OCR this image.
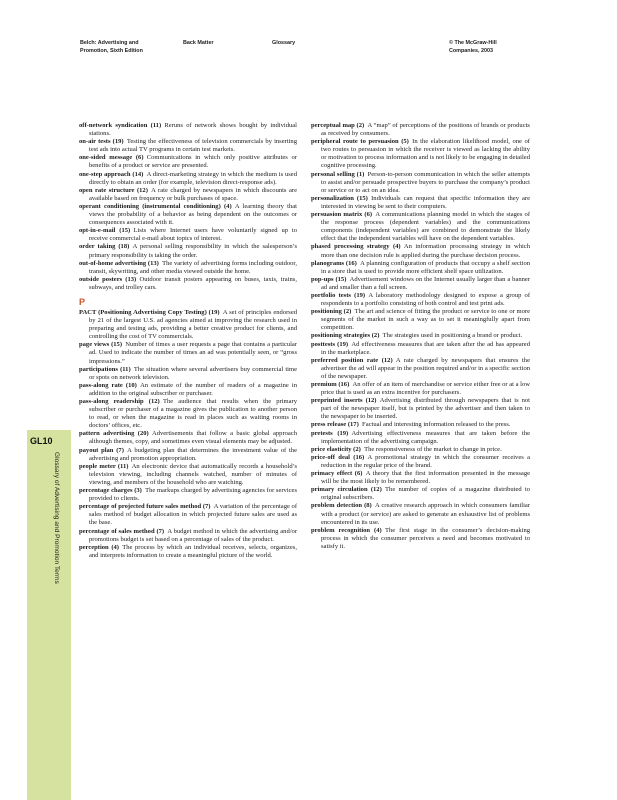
Belch: Advertising and
Promotion, Sixth Edition
Back Matter	Glossary	© The McGraw-Hill
Companies, 2003

off-network syndication (11)  Reruns of network shows bought by individual stations.

on-air tests (19)  Testing the effectiveness of television commercials by inserting test ads into actual TV programs in certain test markets.

one-sided message (6)  Communications in which only positive attributes or benefits of a product or service are presented.

one-step approach (14)  A direct-marketing strategy in which the medium is used directly to obtain an order (for example, television direct-response ads).

open rate structure (12)  A rate charged by newspapers in which discounts are available based on frequency or bulk purchases of space.

operant conditioning (instrumental conditioning) (4)  A learning theory that views the probability of a behavior as being dependent on the outcomes or consequences associated with it.

opt-in-e-mail (15)  Lists where Internet users have voluntarily signed up to receive commercial e-mail about topics of interest.

order taking (18)  A personal selling responsibility in which the salesperson’s primary responsibility is taking the order.

out-of-home advertising (13)  The variety of advertising forms including outdoor, transit, skywriting, and other media viewed outside the home.

outside posters (13)  Outdoor transit posters appearing on buses, taxis, trains, subways, and trolley cars.

P

PACT (Positioning Advertising Copy Testing) (19)  A set of principles endorsed by 21 of the largest U.S. ad agencies aimed at improving the research used in preparing and testing ads, providing a better creative product for clients, and controlling the cost of TV commercials.

page views (15)  Number of times a user requests a page that contains a particular ad. Used to indicate the number of times an ad was potentially seen, or “gross impressions.”

participations (11)  The situation where several advertisers buy commercial time or spots on network television.

pass-along rate (10)  An estimate of the number of readers of a magazine in addition to the original subscriber or purchaser.

pass-along readership (12)  The audience that results when the primary subscriber or purchaser of a magazine gives the publication to another person to read, or when the magazine is read in places such as waiting rooms in doctors’ offices, etc.

pattern advertising (20)  Advertisements that follow a basic global approach although themes, copy, and sometimes even visual elements may be adjusted.

payout plan (7)  A budgeting plan that determines the investment value of the advertising and promotion appropriation.

people meter (11)  An electronic device that automatically records a household’s television viewing, including channels watched, number of minutes of viewing, and members of the household who are watching.

percentage charges (3)  The markups charged by advertising agencies for services provided to clients.

percentage of projected future sales method (7)  A variation of the percentage of sales method of budget allocation in which projected future sales are used as the base.

percentage of sales method (7)  A budget method in which the advertising and/or promotions budget is set based on a percentage of sales of the product.

perception (4)  The process by which an individual receives, selects, organizes, and interprets information to create a meaningful picture of the world.

perceptual map (2)  A “map” of perceptions of the positions of brands or products as received by consumers.

peripheral route to persuasion (5)  In the elaboration likelihood model, one of two routes to persuasion in which the receiver is viewed as lacking the ability or motivation to process information and is not likely to be engaging in detailed cognitive processing.

personal selling (1)  Person-to-person communication in which the seller attempts to assist and/or persuade prospective buyers to purchase the company’s product or service or to act on an idea.

personalization (15)  Individuals can request that specific information they are interested in viewing be sent to their computers.

persuasion matrix (6)  A communications planning model in which the stages of the response process (dependent variables) and the communications components (independent variables) are combined to demonstrate the likely effect that the independent variables will have on the dependent variables.

phased processing strategy (4)  An information processing strategy in which more than one decision rule is applied during the purchase decision process.

planograms (16)  A planning configuration of products that occupy a shelf section in a store that is used to provide more efficient shelf space utilization.

pop-ups (15)  Advertisement windows on the Internet usually larger than a banner ad and smaller than a full screen.

portfolio tests (19)  A laboratory methodology designed to expose a group of respondents to a portfolio consisting of both control and test print ads.

positioning (2)  The art and science of fitting the product or service to one or more segments of the market in such a way as to set it meaningfully apart from competition.

positioning strategies (2)  The strategies used in positioning a brand or product.

posttests (19)  Ad effectiveness measures that are taken after the ad has appeared in the marketplace.

preferred position rate (12)  A rate charged by newspapers that ensures the advertiser the ad will appear in the position required and/or in a specific section of the newspaper.

premium (16)  An offer of an item of merchandise or service either free or at a low price that is used as an extra incentive for purchasers.

preprinted inserts (12)  Advertising distributed through newspapers that is not part of the newspaper itself, but is printed by the advertiser and then taken to the newspaper to be inserted.

press release (17)  Factual and interesting information released to the press.

pretests (19)  Advertising effectiveness measures that are taken before the implementation of the advertising campaign.

price elasticity (2)  The responsiveness of the market to change in price.

price-off deal (16)  A promotional strategy in which the consumer receives a reduction in the regular price of the brand.

primacy effect (6)  A theory that the first information presented in the message will be the most likely to be remembered.

primary circulation (12)  The number of copies of a magazine distributed to original subscribers.

problem detection (8)  A creative research approach in which consumers familiar with a product (or service) are asked to generate an exhaustive list of problems encountered in its use.

problem recognition (4)  The first stage in the consumer’s decision-making process in which the consumer perceives a need and becomes motivated to satisfy it.

GL10
Glossary of Advertising and Promotion Terms
